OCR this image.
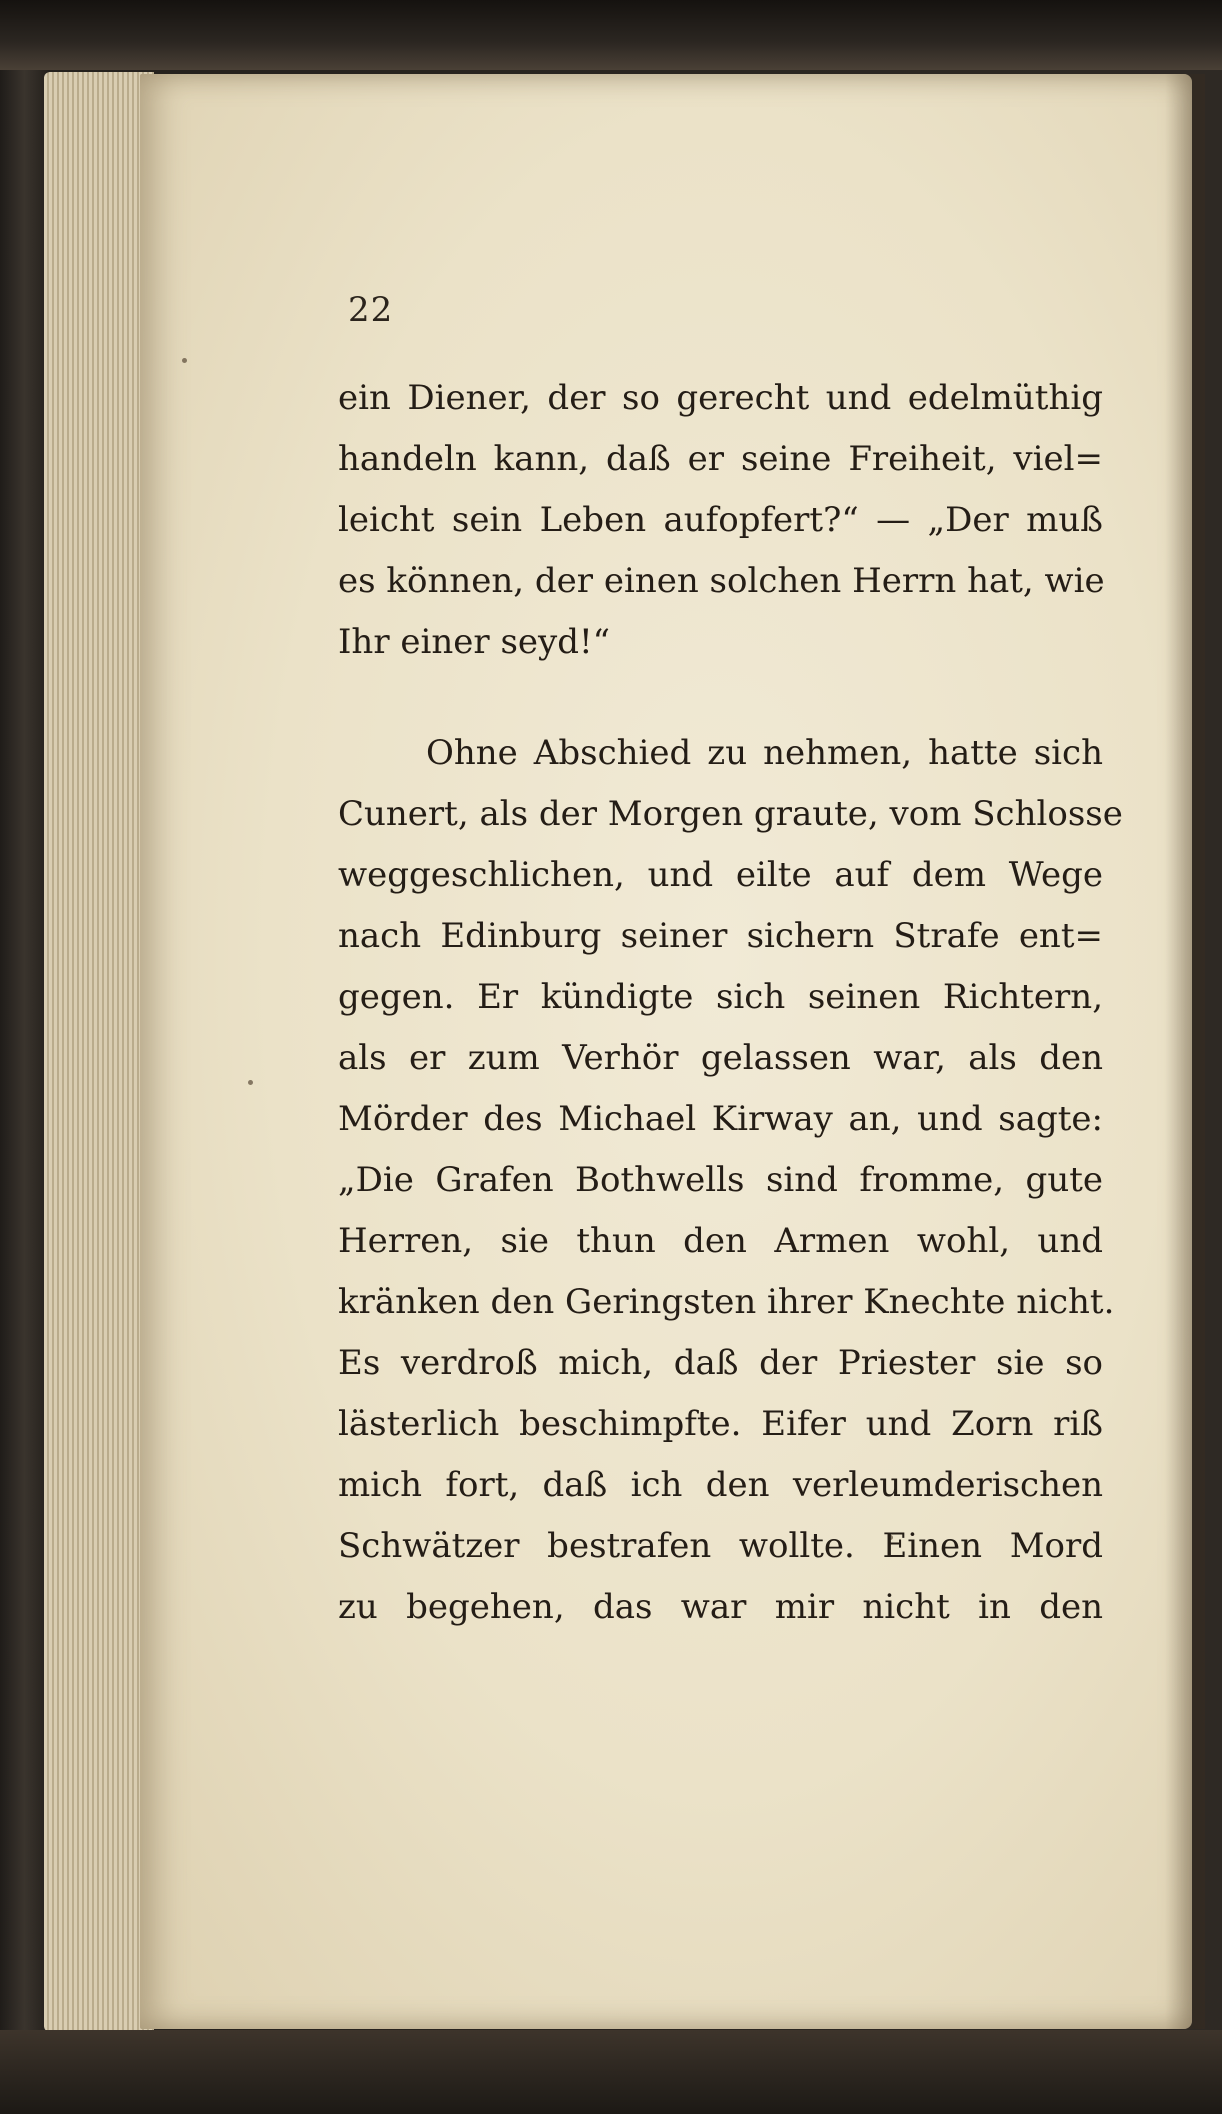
22
ein Diener, der so gerecht und edelmüthig
handeln kann, daß er seine Freiheit, viel=
leicht sein Leben aufopfert?“ — „Der muß
es können, der einen solchen Herrn hat, wie
Ihr einer seyd!“
Ohne Abschied zu nehmen, hatte sich
Cunert, als der Morgen graute, vom Schlosse
weggeschlichen, und eilte auf dem Wege
nach Edinburg seiner sichern Strafe ent=
gegen. Er kündigte sich seinen Richtern,
als er zum Verhör gelassen war, als den
Mörder des Michael Kirway an, und sagte:
„Die Grafen Bothwells sind fromme, gute
Herren, sie thun den Armen wohl, und
kränken den Geringsten ihrer Knechte nicht.
Es verdroß mich, daß der Priester sie so
lästerlich beschimpfte. Eifer und Zorn riß
mich fort, daß ich den verleumderischen
Schwätzer bestrafen wollte. Einen Mord
zu begehen, das war mir nicht in den
